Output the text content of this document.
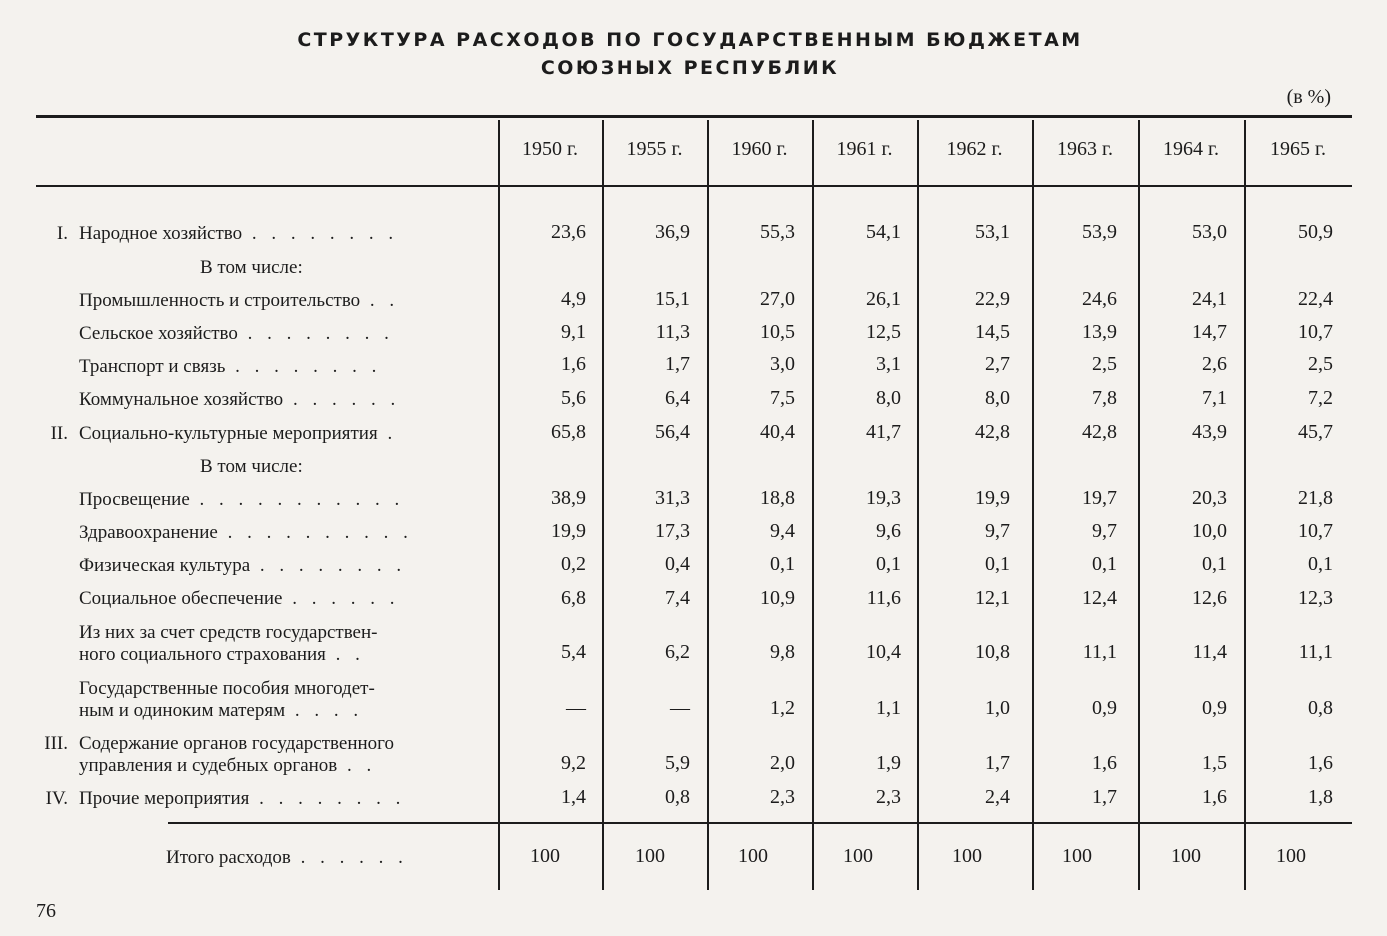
СТРУКТУРА РАСХОДОВ ПО ГОСУДАРСТВЕННЫМ БЮДЖЕТАМ
СОЮЗНЫХ РЕСПУБЛИК
(в %)
1950 г.	1955 г.	1960 г.	1961 г.	1962 г.	1963 г.	1964 г.	1965 г.
I. Народное хозяйство . . . . . . . .	23,6	36,9	55,3	54,1	53,1	53,9	53,0	50,9
В том числе:
Промышленность и строительство . .	4,9	15,1	27,0	26,1	22,9	24,6	24,1	22,4
Сельское хозяйство . . . . . . . .	9,1	11,3	10,5	12,5	14,5	13,9	14,7	10,7
Транспорт и связь . . . . . . . .	1,6	1,7	3,0	3,1	2,7	2,5	2,6	2,5
Коммунальное хозяйство . . . . . .	5,6	6,4	7,5	8,0	8,0	7,8	7,1	7,2
II. Социально-культурные мероприятия .	65,8	56,4	40,4	41,7	42,8	42,8	43,9	45,7
В том числе:
Просвещение . . . . . . . . . . .	38,9	31,3	18,8	19,3	19,9	19,7	20,3	21,8
Здравоохранение . . . . . . . . . .	19,9	17,3	9,4	9,6	9,7	9,7	10,0	10,7
Физическая культура . . . . . . . .	0,2	0,4	0,1	0,1	0,1	0,1	0,1	0,1
Социальное обеспечение . . . . . .	6,8	7,4	10,9	11,6	12,1	12,4	12,6	12,3
Из них за счет средств государствен-
ного социального страхования . .	5,4	6,2	9,8	10,4	10,8	11,1	11,4	11,1
Государственные пособия многодет-
ным и одиноким матерям . . . .	—	—	1,2	1,1	1,0	0,9	0,9	0,8
III. Содержание органов государственного
управления и судебных органов . .	9,2	5,9	2,0	1,9	1,7	1,6	1,5	1,6
IV. Прочие мероприятия . . . . . . . .	1,4	0,8	2,3	2,3	2,4	1,7	1,6	1,8
Итого расходов . . . . . .	100	100	100	100	100	100	100	100
76
